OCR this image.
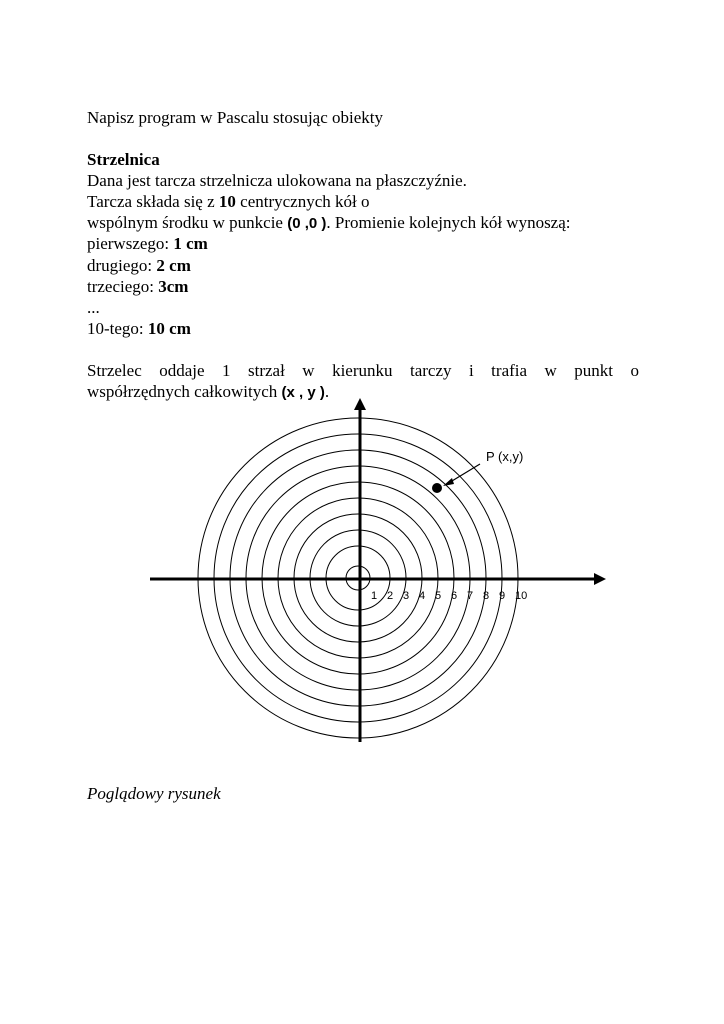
Napisz program w Pascalu stosując obiekty
Strzelnica
Dana jest tarcza strzelnicza ulokowana na płaszczyźnie.
Tarcza składa się z 10 centrycznych kół o
wspólnym środku w punkcie (0 ,0 ). Promienie kolejnych kół wynoszą:
pierwszego: 1 cm
drugiego: 2 cm
trzeciego: 3cm
...
10-tego: 10 cm
Strzelec oddaje 1 strzał w kierunku tarczy i trafia w punkt o
współrzędnych całkowitych (x , y ).
1 2 3 4 5 6 7 8 9 10
P (x,y)
Poglądowy rysunek
